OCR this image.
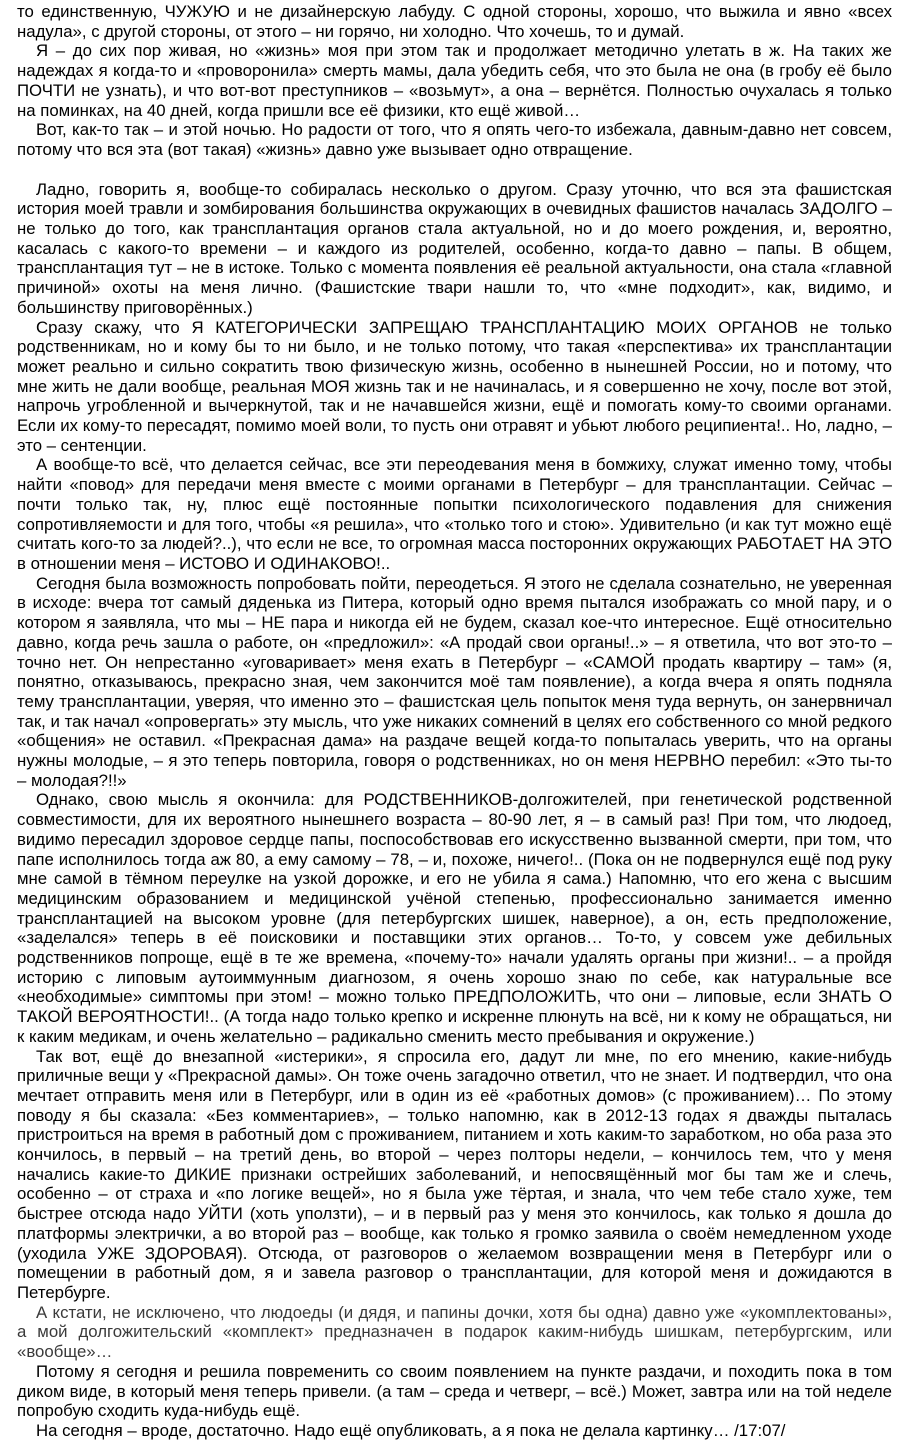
то единственную, ЧУЖУЮ и не дизайнерскую лабуду. С одной стороны, хорошо, что выжила и явно «всех надула», с другой стороны, от этого – ни горячо, ни холодно. Что хочешь, то и думай.

Я – до сих пор живая, но «жизнь» моя при этом так и продолжает методично улетать в ж. На таких же надеждах я когда-то и «проворонила» смерть мамы, дала убедить себя, что это была не она (в гробу её было ПОЧТИ не узнать), и что вот-вот преступников – «возьмут», а она – вернётся. Полностью очухалась я только на поминках, на 40 дней, когда пришли все её физики, кто ещё живой…

Вот, как-то так – и этой ночью. Но радости от того, что я опять чего-то избежала, давным-давно нет совсем, потому что вся эта (вот такая) «жизнь» давно уже вызывает одно отвращение.

Ладно, говорить я, вообще-то собиралась несколько о другом. Сразу уточню, что вся эта фашистская история моей травли и зомбирования большинства окружающих в очевидных фашистов началась ЗАДОЛГО – не только до того, как трансплантация органов стала актуальной, но и до моего рождения, и, вероятно, касалась с какого-то времени – и каждого из родителей, особенно, когда-то давно – папы. В общем, трансплантация тут – не в истоке. Только с момента появления её реальной актуальности, она стала «главной причиной» охоты на меня лично. (Фашистские твари нашли то, что «мне подходит», как, видимо, и большинству приговорённых.)

Сразу скажу, что Я КАТЕГОРИЧЕСКИ ЗАПРЕЩАЮ ТРАНСПЛАНТАЦИЮ МОИХ ОРГАНОВ не только родственникам, но и кому бы то ни было, и не только потому, что такая «перспектива» их трансплантации может реально и сильно сократить твою физическую жизнь, особенно в нынешней России, но и потому, что мне жить не дали вообще, реальная МОЯ жизнь так и не начиналась, и я совершенно не хочу, после вот этой, напрочь угробленной и вычеркнутой, так и не начавшейся жизни, ещё и помогать кому-то своими органами. Если их кому-то пересадят, помимо моей воли, то пусть они отравят и убьют любого реципиента!.. Но, ладно, – это – сентенции.

А вообще-то всё, что делается сейчас, все эти переодевания меня в бомжиху, служат именно тому, чтобы найти «повод» для передачи меня вместе с моими органами в Петербург – для трансплантации. Сейчас – почти только так, ну, плюс ещё постоянные попытки психологического подавления для снижения сопротивляемости и для того, чтобы «я решила», что «только того и стою». Удивительно (и как тут можно ещё считать кого-то за людей?..), что если не все, то огромная масса посторонних окружающих РАБОТАЕТ НА ЭТО в отношении меня – ИСТОВО И ОДИНАКОВО!..

Сегодня была возможность попробовать пойти, переодеться. Я этого не сделала сознательно, не уверенная в исходе: вчера тот самый дяденька из Питера, который одно время пытался изображать со мной пару, и о котором я заявляла, что мы – НЕ пара и никогда ей не будем, сказал кое-что интересное. Ещё относительно давно, когда речь зашла о работе, он «предложил»: «А продай свои органы!..» – я ответила, что вот это-то – точно нет. Он непрестанно «уговаривает» меня ехать в Петербург – «САМОЙ продать квартиру – там» (я, понятно, отказываюсь, прекрасно зная, чем закончится моё там появление), а когда вчера я опять подняла тему трансплантации, уверяя, что именно это – фашистская цель попыток меня туда вернуть, он занервничал так, и так начал «опровергать» эту мысль, что уже никаких сомнений в целях его собственного со мной редкого «общения» не оставил. «Прекрасная дама» на раздаче вещей когда-то попыталась уверить, что на органы нужны молодые, – я это теперь повторила, говоря о родственниках, но он меня НЕРВНО перебил: «Это ты-то – молодая?!!»

Однако, свою мысль я окончила: для РОДСТВЕННИКОВ-долгожителей, при генетической родственной совместимости, для их вероятного нынешнего возраста – 80-90 лет, я – в самый раз! При том, что людоед, видимо пересадил здоровое сердце папы, поспособствовав его искусственно вызванной смерти, при том, что папе исполнилось тогда аж 80, а ему самому – 78, – и, похоже, ничего!.. (Пока он не подвернулся ещё под руку мне самой в тёмном переулке на узкой дорожке, и его не убила я сама.) Напомню, что его жена с высшим медицинским образованием и медицинской учёной степенью, профессионально занимается именно трансплантацией на высоком уровне (для петербургских шишек, наверное), а он, есть предположение, «заделался» теперь в её поисковики и поставщики этих органов… То-то, у совсем уже дебильных родственников попроще, ещё в те же времена, «почему-то» начали удалять органы при жизни!.. – а пройдя историю с липовым аутоиммунным диагнозом, я очень хорошо знаю по себе, как натуральные все «необходимые» симптомы при этом! – можно только ПРЕДПОЛОЖИТЬ, что они – липовые, если ЗНАТЬ О ТАКОЙ ВЕРОЯТНОСТИ!.. (А тогда надо только крепко и искренне плюнуть на всё, ни к кому не обращаться, ни к каким медикам, и очень желательно – радикально сменить место пребывания и окружение.)

Так вот, ещё до внезапной «истерики», я спросила его, дадут ли мне, по его мнению, какие-нибудь приличные вещи у «Прекрасной дамы». Он тоже очень загадочно ответил, что не знает. И подтвердил, что она мечтает отправить меня или в Петербург, или в один из её «работных домов» (с проживанием)… По этому поводу я бы сказала: «Без комментариев», – только напомню, как в 2012-13 годах я дважды пыталась пристроиться на время в работный дом с проживанием, питанием и хоть каким-то заработком, но оба раза это кончилось, в первый – на третий день, во второй – через полторы недели, – кончилось тем, что у меня начались какие-то ДИКИЕ признаки острейших заболеваний, и непосвящённый мог бы там же и слечь, особенно – от страха и «по логике вещей», но я была уже тёртая, и знала, что чем тебе стало хуже, тем быстрее отсюда надо УЙТИ (хоть уползти), – и в первый раз у меня это кончилось, как только я дошла до платформы электрички, а во второй раз – вообще, как только я громко заявила о своём немедленном уходе (уходила УЖЕ ЗДОРОВАЯ). Отсюда, от разговоров о желаемом возвращении меня в Петербург или о помещении в работный дом, я и завела разговор о трансплантации, для которой меня и дожидаются в Петербурге.

А кстати, не исключено, что людоеды (и дядя, и папины дочки, хотя бы одна) давно уже «укомплектованы», а мой долгожительский «комплект» предназначен в подарок каким-нибудь шишкам, петербургским, или «вообще»…

Потому я сегодня и решила повременить со своим появлением на пункте раздачи, и походить пока в том диком виде, в который меня теперь привели. (а там – среда и четверг, – всё.) Может, завтра или на той неделе попробую сходить куда-нибудь ещё.

На сегодня – вроде, достаточно. Надо ещё опубликовать, а я пока не делала картинку… /17:07/
